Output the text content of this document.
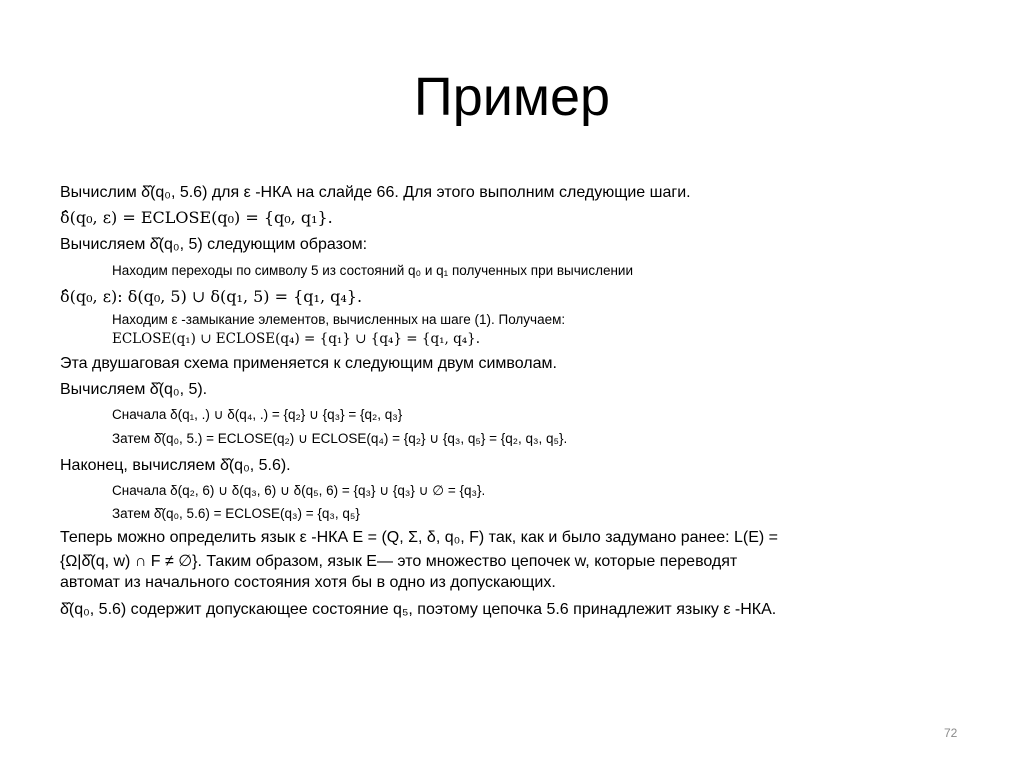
Пример
Вычислим δ̂(q₀, 5.6) для ε -НКА на слайде 66. Для этого выполним следующие шаги.
δ̂(q₀, ε) = ECLOSE(q₀) = {q₀, q₁}.
Вычисляем δ̂(q₀, 5) следующим образом:
Находим переходы по символу 5 из состояний q₀ и q₁ полученных при вычислении
δ̂(q₀, ε): δ(q₀, 5) ∪ δ(q₁, 5) = {q₁, q₄}.
Находим ε -замыкание элементов, вычисленных на шаге (1). Получаем:
ECLOSE(q₁) ∪ ECLOSE(q₄) = {q₁} ∪ {q₄} = {q₁, q₄}.
Эта двушаговая схема применяется к следующим двум символам.
Вычисляем δ̂(q₀, 5).
Сначала δ(q₁, .) ∪ δ(q₄, .) = {q₂} ∪ {q₃} = {q₂, q₃}
Затем δ̂(q₀, 5.) = ECLOSE(q₂) ∪ ECLOSE(q₄) = {q₂} ∪ {q₃, q₅} = {q₂, q₃, q₅}.
Наконец, вычисляем δ̂(q₀, 5.6).
Сначала δ(q₂, 6) ∪ δ(q₃, 6) ∪ δ(q₅, 6) = {q₃} ∪ {q₃} ∪ ∅ = {q₃}.
Затем δ̂(q₀, 5.6) = ECLOSE(q₃) = {q₃, q₅}
Теперь можно определить язык ε -НКА E = (Q, Σ, δ, q₀, F) так, как и было задумано ранее: L(E) =
{Ω|δ̂(q, w) ∩ F ≠ ∅}. Таким образом, язык E— это множество цепочек w, которые переводят
автомат из начального состояния хотя бы в одно из допускающих.
δ̂(q₀, 5.6) содержит допускающее состояние q₅, поэтому цепочка 5.6 принадлежит языку ε -НКА.
72
